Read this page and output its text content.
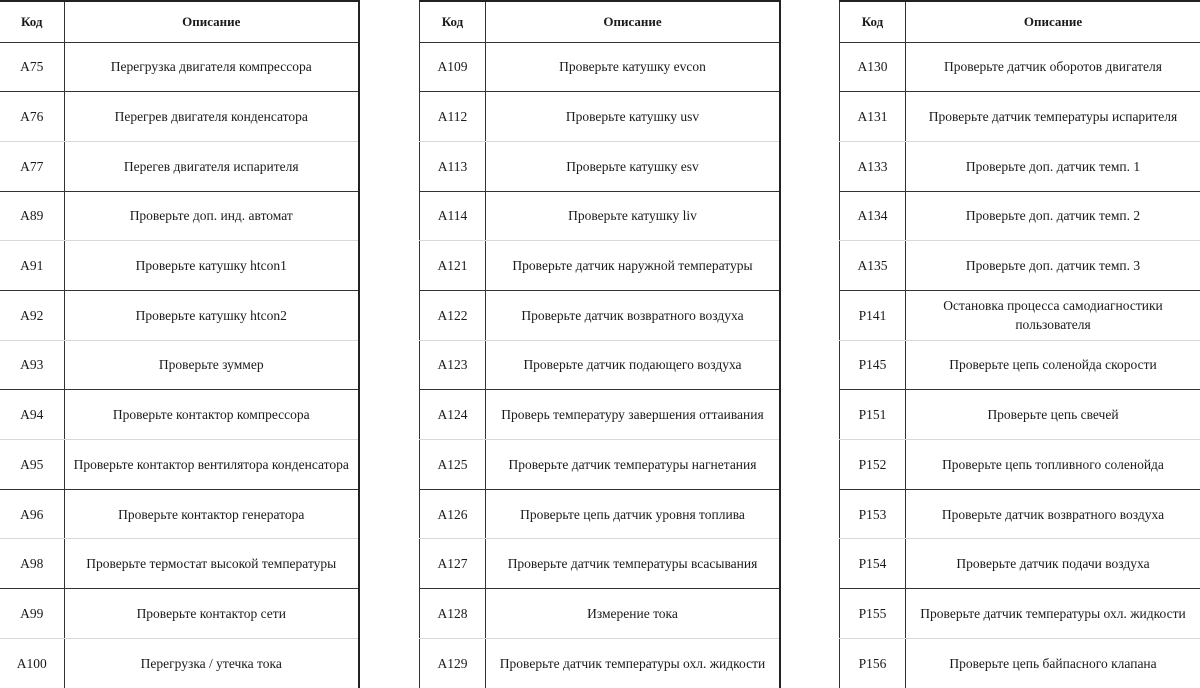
Код	Описание
A75	Перегрузка двигателя компрессора
A76	Перегрев двигателя конденсатора
A77	Перегев двигателя испарителя
A89	Проверьте доп. инд. автомат
A91	Проверьте катушку htcon1
A92	Проверьте катушку htcon2
A93	Проверьте зуммер
A94	Проверьте контактор компрессора
A95	Проверьте контактор вентилятора конденсатора
A96	Проверьте контактор генератора
A98	Проверьте термостат высокой температуры
A99	Проверьте контактор сети
A100	Перегрузка / утечка тока
Код	Описание
A109	Проверьте катушку evcon
A112	Проверьте катушку usv
A113	Проверьте катушку esv
A114	Проверьте катушку liv
A121	Проверьте датчик наружной температуры
A122	Проверьте датчик возвратного воздуха
A123	Проверьте датчик подающего воздуха
A124	Проверь температуру завершения оттаивания
A125	Проверьте датчик температуры нагнетания
A126	Проверьте цепь датчик уровня топлива
A127	Проверьте датчик температуры всасывания
A128	Измерение тока
A129	Проверьте датчик температуры охл. жидкости
Код	Описание
A130	Проверьте датчик оборотов двигателя
A131	Проверьте датчик температуры испарителя
A133	Проверьте доп. датчик темп. 1
A134	Проверьте доп. датчик темп. 2
A135	Проверьте доп. датчик темп. 3
P141	Остановка процесса самодиагностики пользователя
P145	Проверьте цепь соленойда скорости
P151	Проверьте цепь свечей
P152	Проверьте цепь топливного соленойда
P153	Проверьте датчик возвратного воздуха
P154	Проверьте датчик подачи воздуха
P155	Проверьте датчик температуры охл. жидкости
P156	Проверьте цепь байпасного клапана
